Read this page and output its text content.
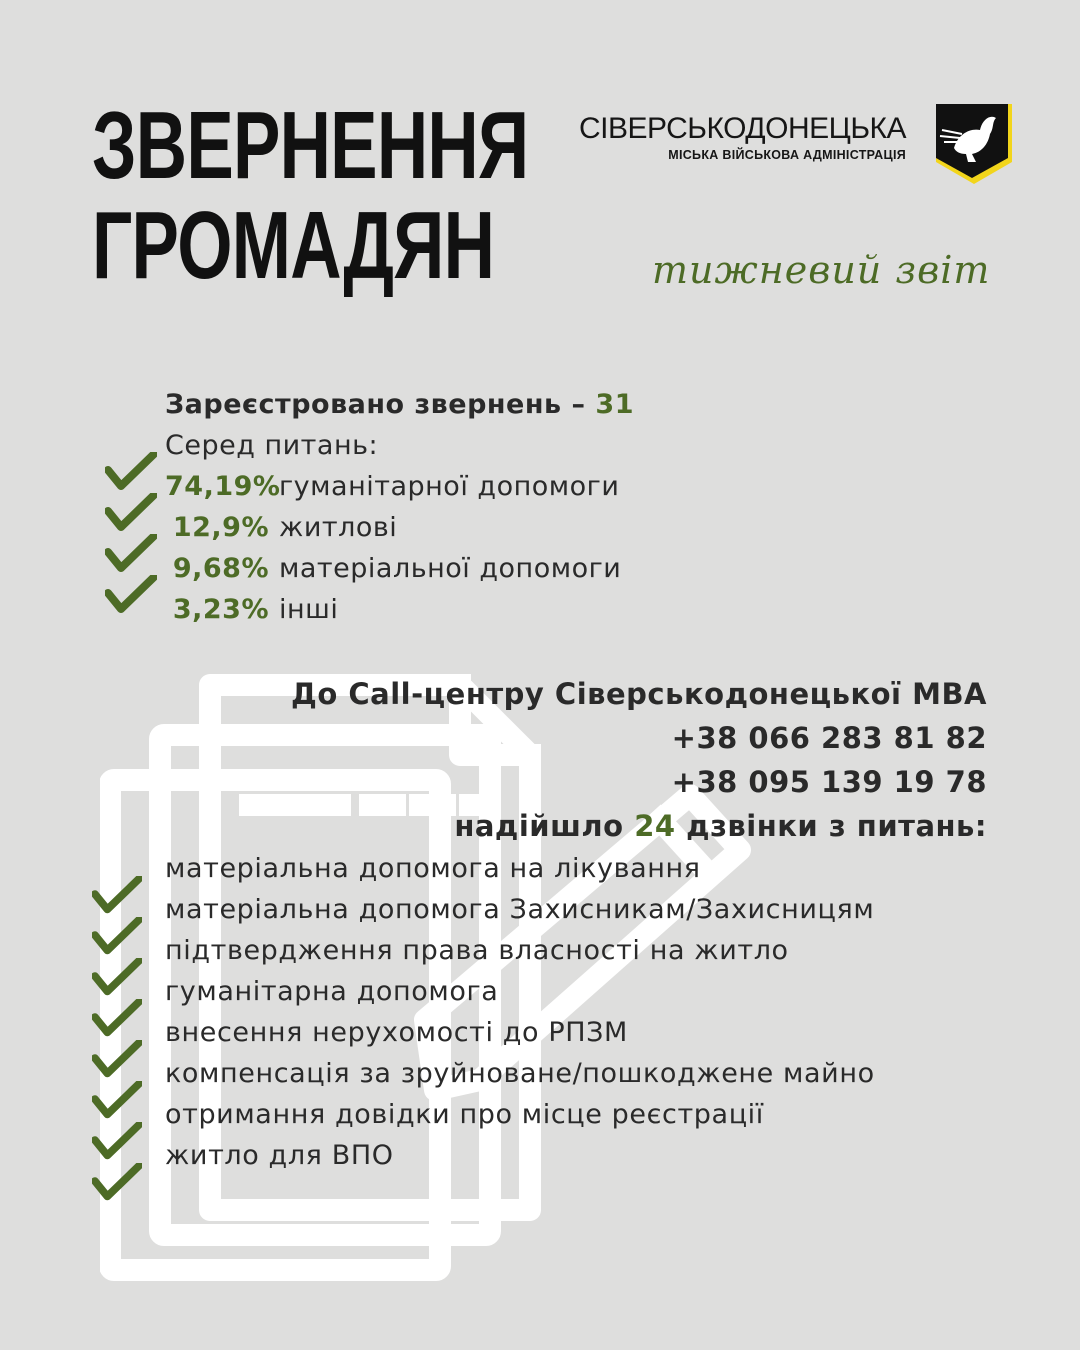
ЗВЕРНЕННЯ
ГРОМАДЯН
СІВЕРСЬКОДОНЕЦЬКА
МІСЬКА ВІЙСЬКОВА АДМІНІСТРАЦІЯ
тижневий звіт
Зареєстровано звернень – 31
Серед питань:
74,19%гуманітарної допомоги
12,9% житлові
9,68% матеріальної допомоги
3,23% інші
До Call-центру Сіверськодонецької МВА
+38 066 283 81 82
+38 095 139 19 78
надійшло 24 дзвінки з питань:
матеріальна допомога на лікування
матеріальна допомога Захисникам/Захисницям
підтвердження права власності на житло
гуманітарна допомога
внесення нерухомості до РПЗМ
компенсація за зруйноване/пошкоджене майно
отримання довідки про місце реєстрації
житло для ВПО
